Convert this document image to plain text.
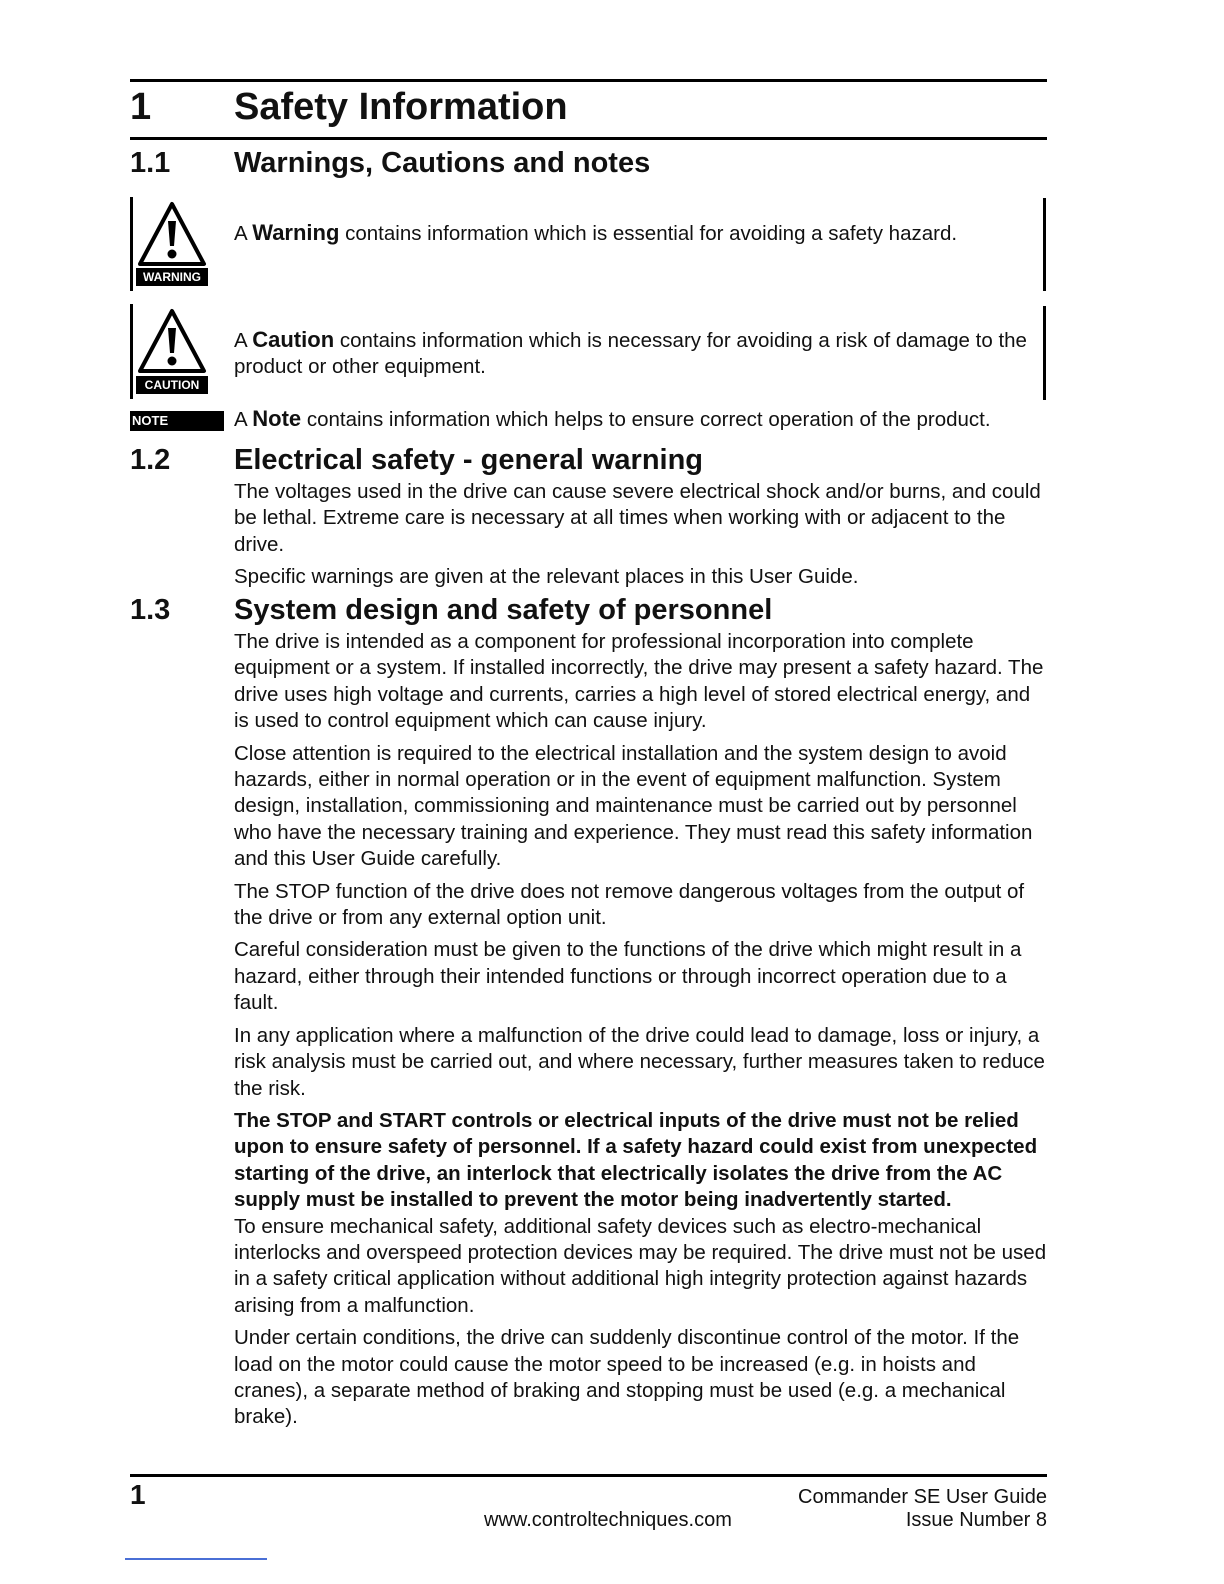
1 Safety Information
1.1 Warnings, Cautions and notes
WARNING
A Warning contains information which is essential for avoiding a safety hazard.
CAUTION
A Caution contains information which is necessary for avoiding a risk of damage to the product or other equipment.
NOTE	A Note contains information which helps to ensure correct operation of the product.
1.2 Electrical safety - general warning

The voltages used in the drive can cause severe electrical shock and/or burns, and could be lethal. Extreme care is necessary at all times when working with or adjacent to the drive.

Specific warnings are given at the relevant places in this User Guide.

1.3 System design and safety of personnel

The drive is intended as a component for professional incorporation into complete equipment or a system. If installed incorrectly, the drive may present a safety hazard. The drive uses high voltage and currents, carries a high level of stored electrical energy, and is used to control equipment which can cause injury.

Close attention is required to the electrical installation and the system design to avoid hazards, either in normal operation or in the event of equipment malfunction. System design, installation, commissioning and maintenance must be carried out by personnel who have the necessary training and experience. They must read this safety information and this User Guide carefully.

The STOP function of the drive does not remove dangerous voltages from the output of the drive or from any external option unit.

Careful consideration must be given to the functions of the drive which might result in a hazard, either through their intended functions or through incorrect operation due to a fault.

In any application where a malfunction of the drive could lead to damage, loss or injury, a risk analysis must be carried out, and where necessary, further measures taken to reduce the risk.

The STOP and START controls or electrical inputs of the drive must not be relied upon to ensure safety of personnel. If a safety hazard could exist from unexpected starting of the drive, an interlock that electrically isolates the drive from the AC supply must be installed to prevent the motor being inadvertently started.

To ensure mechanical safety, additional safety devices such as electro-mechanical interlocks and overspeed protection devices may be required. The drive must not be used in a safety critical application without additional high integrity protection against hazards arising from a malfunction.

Under certain conditions, the drive can suddenly discontinue control of the motor. If the load on the motor could cause the motor speed to be increased (e.g. in hoists and cranes), a separate method of braking and stopping must be used (e.g. a mechanical brake).

1
www.controltechniques.com
Commander SE User Guide
Issue Number 8
